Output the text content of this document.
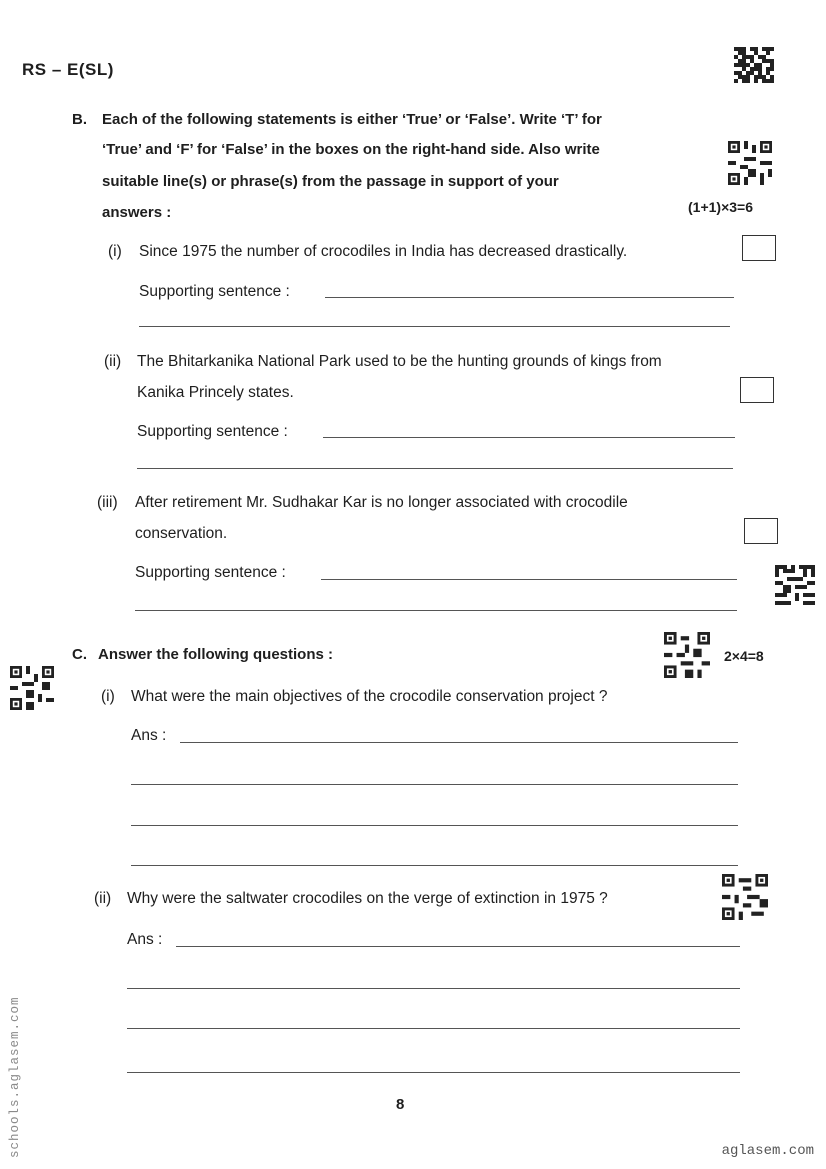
RS – E(SL)
B. Each of the following statements is either ‘True’ or ‘False’. Write ‘T’ for
‘True’ and ‘F’ for ‘False’ in the boxes on the right-hand side. Also write
suitable line(s) or phrase(s) from the passage in support of your
answers :	(1+1)×3=6
(i) Since 1975 the number of crocodiles in India has decreased drastically.
Supporting sentence :
(ii) The Bhitarkanika National Park used to be the hunting grounds of kings from
Kanika Princely states.
Supporting sentence :
(iii) After retirement Mr. Sudhakar Kar is no longer associated with crocodile
conservation.
Supporting sentence :
C. Answer the following questions :	2×4=8
(i) What were the main objectives of the crocodile conservation project ?
Ans :
(ii) Why were the saltwater crocodiles on the verge of extinction in 1975 ?
Ans :
8
schools.aglasem.com	aglasem.com
